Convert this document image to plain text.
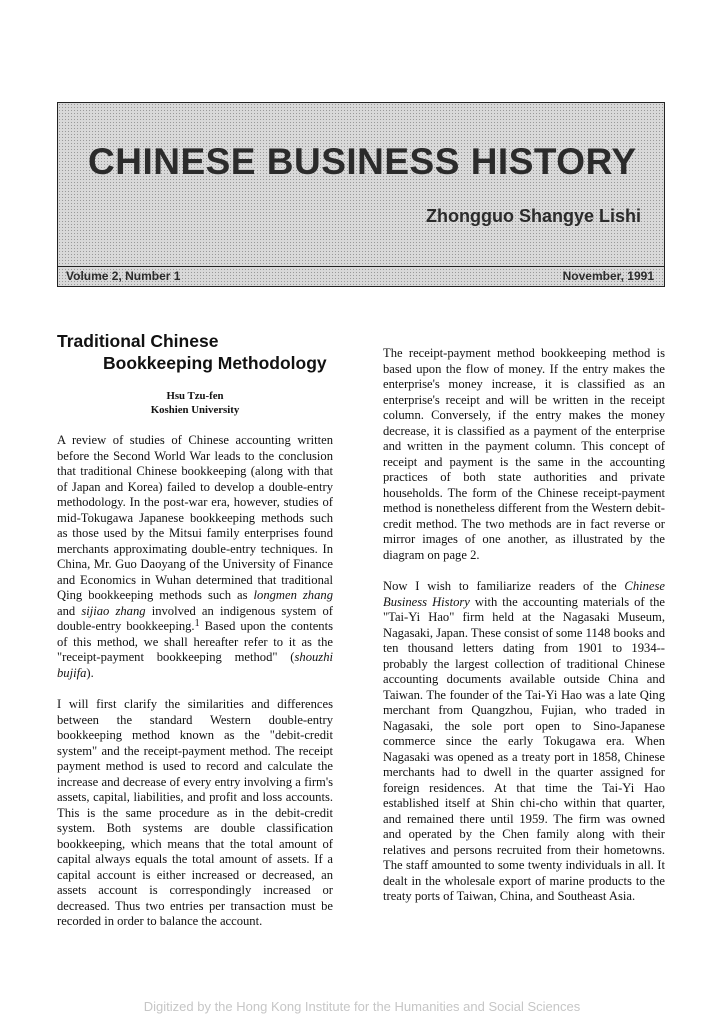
CHINESE BUSINESS HISTORY
Zhongguo Shangye Lishi
Volume 2, Number 1	November, 1991
Traditional Chinese
Bookkeeping Methodology
Hsu Tzu-fen
Koshien University

A review of studies of Chinese accounting written before the Second World War leads to the conclusion that traditional Chinese bookkeeping (along with that of Japan and Korea) failed to develop a double-entry methodology. In the post-war era, however, studies of mid-Tokugawa Japanese bookkeeping methods such as those used by the Mitsui family enterprises found merchants approximating double-entry techniques. In China, Mr. Guo Daoyang of the University of Finance and Economics in Wuhan determined that traditional Qing bookkeeping methods such as longmen zhang and sijiao zhang involved an indigenous system of double-entry bookkeeping.$^1$ Based upon the contents of this method, we shall hereafter refer to it as the "receipt-payment bookkeeping method" (shouzhi bujifa).

I will first clarify the similarities and differences between the standard Western double-entry bookkeeping method known as the "debit-credit system" and the receipt-payment method. The receipt payment method is used to record and calculate the increase and decrease of every entry involving a firm's assets, capital, liabilities, and profit and loss accounts. This is the same procedure as in the debit-credit system. Both systems are double classification bookkeeping, which means that the total amount of capital always equals the total amount of assets. If a capital account is either increased or decreased, an assets account is correspondingly increased or decreased. Thus two entries per transaction must be recorded in order to balance the account.

The receipt-payment method bookkeeping method is based upon the flow of money. If the entry makes the enterprise's money increase, it is classified as an enterprise's receipt and will be written in the receipt column. Conversely, if the entry makes the money decrease, it is classified as a payment of the enterprise and written in the payment column. This concept of receipt and payment is the same in the accounting practices of both state authorities and private households. The form of the Chinese receipt-payment method is nonetheless different from the Western debit-credit method. The two methods are in fact reverse or mirror images of one another, as illustrated by the diagram on page 2.

Now I wish to familiarize readers of the Chinese Business History with the accounting materials of the "Tai-Yi Hao" firm held at the Nagasaki Museum, Nagasaki, Japan. These consist of some 1148 books and ten thousand letters dating from 1901 to 1934--probably the largest collection of traditional Chinese accounting documents available outside China and Taiwan. The founder of the Tai-Yi Hao was a late Qing merchant from Quangzhou, Fujian, who traded in Nagasaki, the sole port open to Sino-Japanese commerce since the early Tokugawa era. When Nagasaki was opened as a treaty port in 1858, Chinese merchants had to dwell in the quarter assigned for foreign residences. At that time the Tai-Yi Hao established itself at Shin chi-cho within that quarter, and remained there until 1959. The firm was owned and operated by the Chen family along with their relatives and persons recruited from their hometowns. The staff amounted to some twenty individuals in all. It dealt in the wholesale export of marine products to the treaty ports of Taiwan, China, and Southeast Asia.

Digitized by the Hong Kong Institute for the Humanities and Social Sciences
